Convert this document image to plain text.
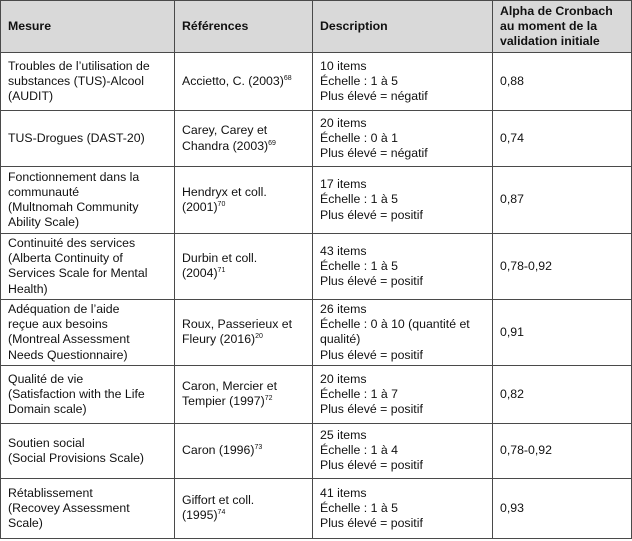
Mesure	Références	Description	Alpha de Cronbach
au moment de la
validation initiale

Troubles de l’utilisation de
substances (TUS)-Alcool
(AUDIT)	Accietto, C. $(2003)^{68}$	10 items
Échelle : 1 à 5
Plus élevé = négatif	0,88

TUS-Drogues (DAST-20)	Carey, Carey et
Chandra $(2003)^{69}$	20 items
Échelle : 0 à 1
Plus élevé = négatif	0,74

Fonctionnement dans la
communauté
(Multnomah Community
Ability Scale)	Hendryx et coll.
$(2001)^{70}$	17 items
Échelle : 1 à 5
Plus élevé = positif	0,87

Continuité des services
(Alberta Continuity of
Services Scale for Mental
Health)	Durbin et coll.
$(2004)^{71}$	43 items
Échelle : 1 à 5
Plus élevé = positif	0,78-0,92

Adéquation de l’aide
reçue aux besoins
(Montreal Assessment
Needs Questionnaire)	Roux, Passerieux et
Fleury $(2016)^{20}$	26 items
Échelle : 0 à 10 (quantité et
qualité)
Plus élevé = positif	0,91

Qualité de vie
(Satisfaction with the Life
Domain scale)	Caron, Mercier et
Tempier $(1997)^{72}$	20 items
Échelle : 1 à 7
Plus élevé = positif	0,82

Soutien social
(Social Provisions Scale)	Caron $(1996)^{73}$	25 items
Échelle : 1 à 4
Plus élevé = positif	0,78-0,92

Rétablissement
(Recovey Assessment
Scale)	Giffort et coll.
$(1995)^{74}$	41 items
Échelle : 1 à 5
Plus élevé = positif	0,93
